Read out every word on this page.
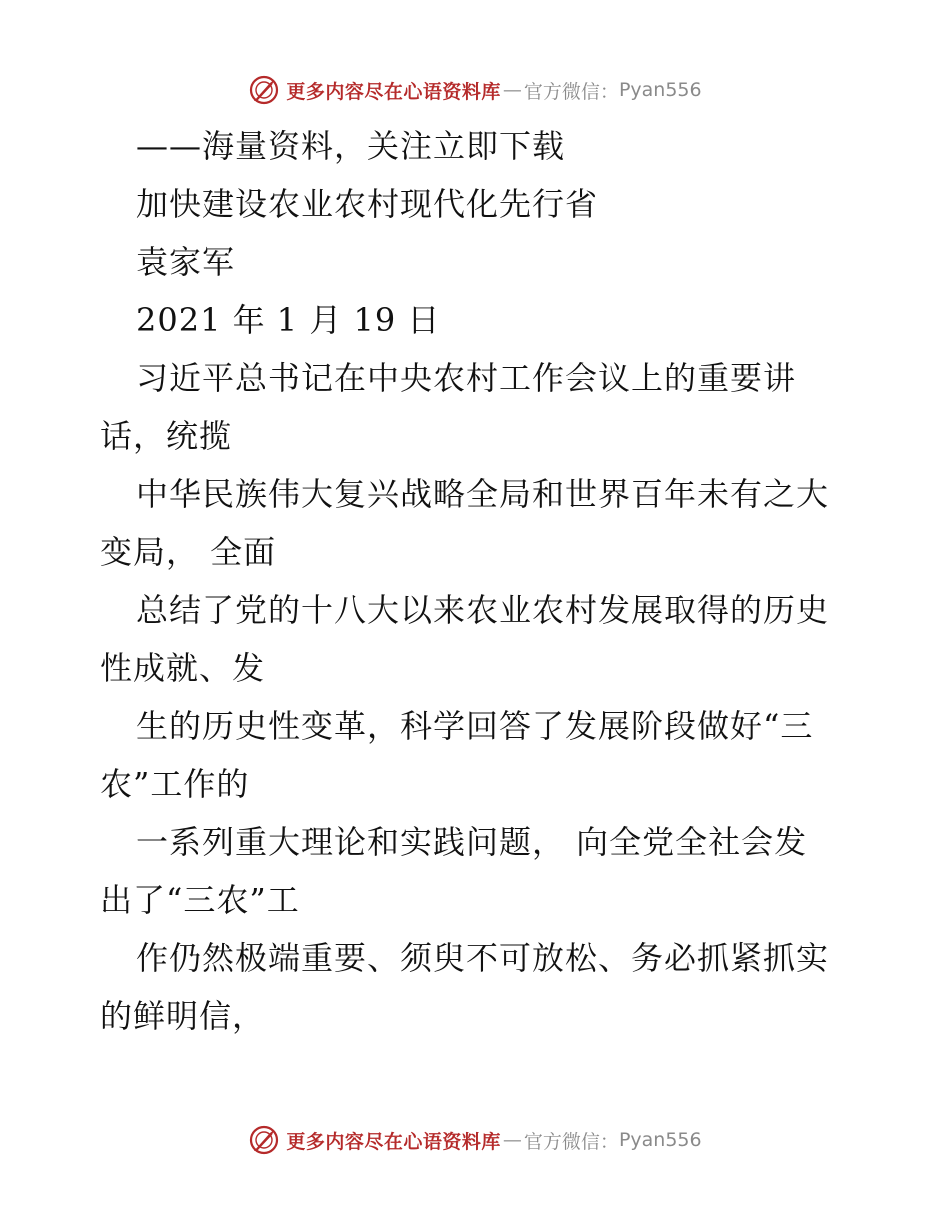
更多内容尽在心语资料库 — 官方微信： Pyan556
——海量资料，关注立即下载
加快建设农业农村现代化先行省
袁家军
2021 年 1 月 19 日
习近平总书记在中央农村工作会议上的重要讲
话，统揽
中华民族伟大复兴战略全局和世界百年未有之大
变局， 全面
总结了党的十八大以来农业农村发展取得的历史
性成就、发
生的历史性变革，科学回答了发展阶段做好“三
农”工作的
一系列重大理论和实践问题， 向全党全社会发
出了“三农”工
作仍然极端重要、须臾不可放松、务必抓紧抓实
的鲜明信，
更多内容尽在心语资料库 — 官方微信： Pyan556
